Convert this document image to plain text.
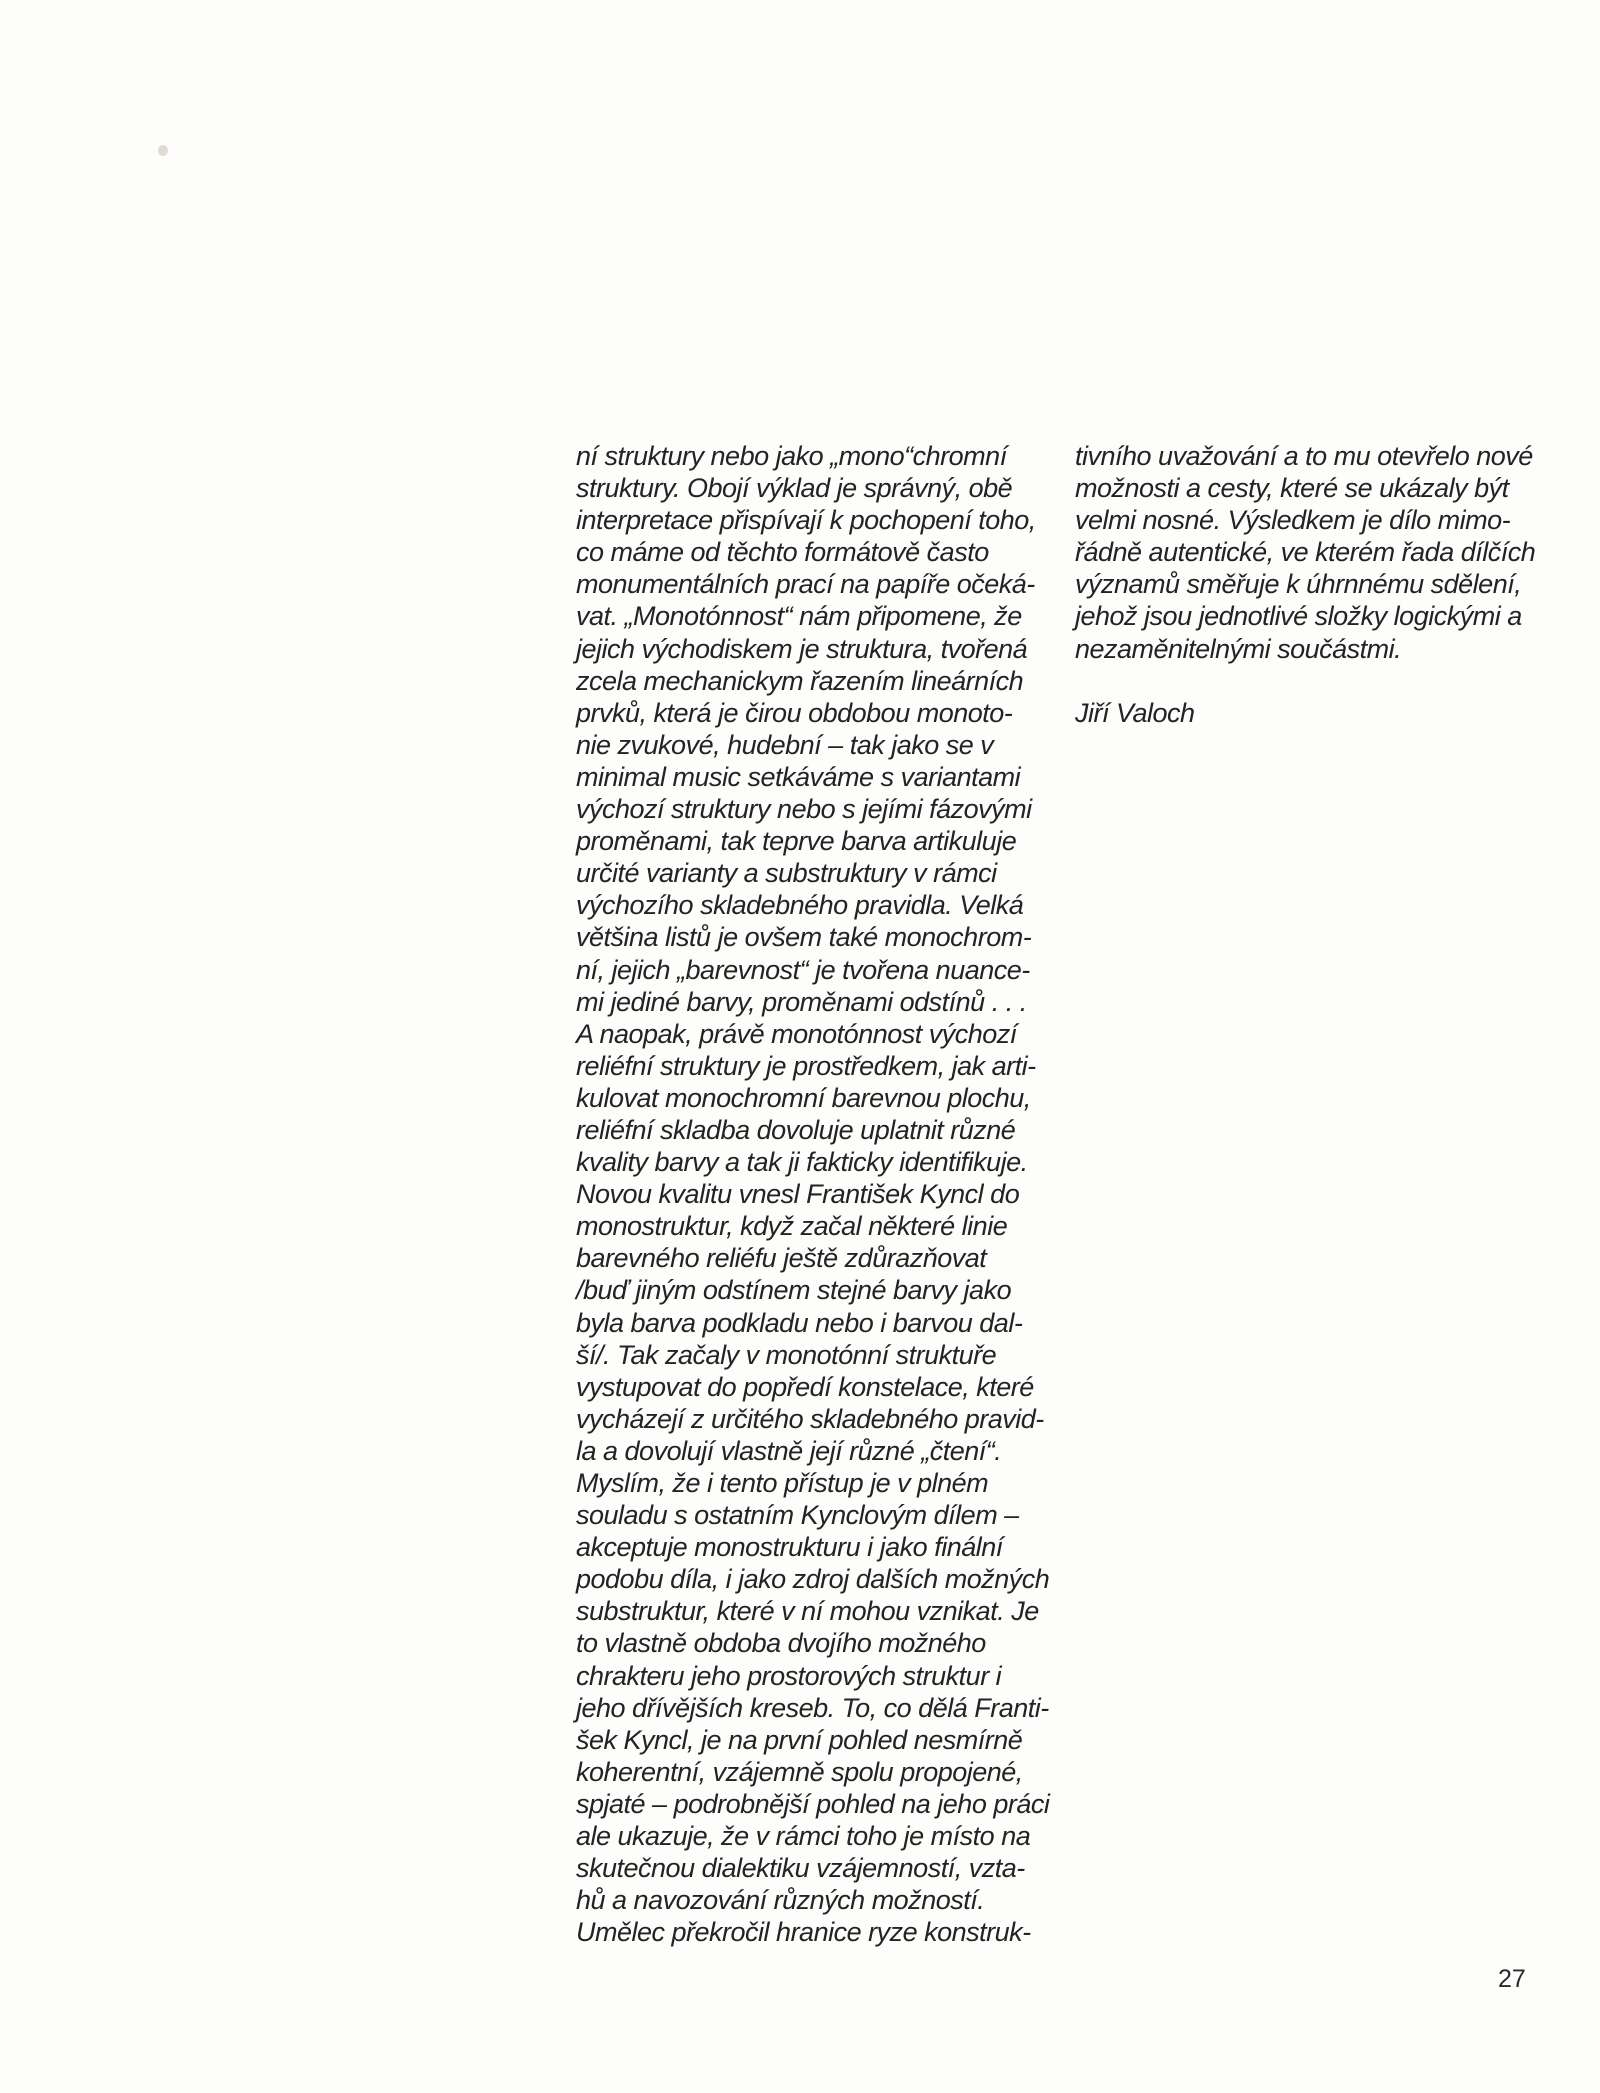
ní struktury nebo jako „mono“chromní
struktury. Obojí výklad je správný, obě
interpretace přispívají k pochopení toho,
co máme od těchto formátově často
monumentálních prací na papíře očeká-
vat. „Monotónnost“ nám připomene, že
jejich východiskem je struktura, tvořená
zcela mechanickym řazením lineárních
prvků, která je čirou obdobou monoto-
nie zvukové, hudební – tak jako se v
minimal music setkáváme s variantami
výchozí struktury nebo s jejími fázovými
proměnami, tak teprve barva artikuluje
určité varianty a substruktury v rámci
výchozího skladebného pravidla. Velká
většina listů je ovšem také monochrom-
ní, jejich „barevnost“ je tvořena nuance-
mi jediné barvy, proměnami odstínů . . .
A naopak, právě monotónnost výchozí
reliéfní struktury je prostředkem, jak arti-
kulovat monochromní barevnou plochu,
reliéfní skladba dovoluje uplatnit různé
kvality barvy a tak ji fakticky identifikuje.
Novou kvalitu vnesl František Kyncl do
monostruktur, když začal některé linie
barevného reliéfu ještě zdůrazňovat
/buď jiným odstínem stejné barvy jako
byla barva podkladu nebo i barvou dal-
ší/. Tak začaly v monotónní struktuře
vystupovat do popředí konstelace, které
vycházejí z určitého skladebného pravid-
la a dovolují vlastně její různé „čtení“.
Myslím, že i tento přístup je v plném
souladu s ostatním Kynclovým dílem –
akceptuje monostrukturu i jako finální
podobu díla, i jako zdroj dalších možných
substruktur, které v ní mohou vznikat. Je
to vlastně obdoba dvojího možného
chrakteru jeho prostorových struktur i
jeho dřívějších kreseb. To, co dělá Franti-
šek Kyncl, je na první pohled nesmírně
koherentní, vzájemně spolu propojené,
spjaté – podrobnější pohled na jeho práci
ale ukazuje, že v rámci toho je místo na
skutečnou dialektiku vzájemností, vzta-
hů a navozování různých možností.
Umělec překročil hranice ryze konstruk-
tivního uvažování a to mu otevřelo nové
možnosti a cesty, které se ukázaly být
velmi nosné. Výsledkem je dílo mimo-
řádně autentické, ve kterém řada dílčích
významů směřuje k úhrnnému sdělení,
jehož jsou jednotlivé složky logickými a
nezaměnitelnými součástmi.
Jiří Valoch
27
